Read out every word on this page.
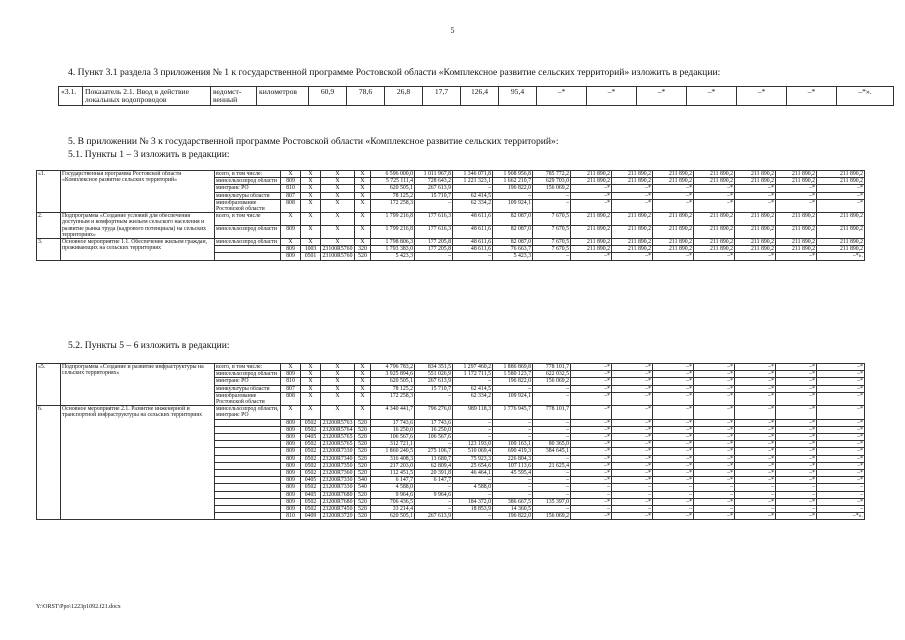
5
4. Пункт 3.1 раздела 3 приложения № 1 к государственной программе Ростовской области «Комплексное развитие сельских территорий» изложить в редакции:
«3.1.	Показатель 2.1. Ввод в действие локальных водопроводов	ведомст-венный	километров	60,9	78,6	26,8	17,7	126,4	95,4	–*	–*	–*	–*	–*	–*	–*».
5. В приложении № 3 к государственной программе Ростовской области «Комплексное развитие сельских территорий»:
5.1. Пункты 1 – 3 изложить в редакции:
«1.	Государственная программа Ростовской области «Комплексное развитие сельских территорий»	всего, в том числе:	X	X	X	X	6 596 000,0	1 011 967,8	1 346 071,8	1 908 956,8	785 772,2	211 890,2	211 890,2	211 890,2	211 890,2	211 890,2	211 890,2	211 890,2
		минсельхозпрод области	809	X	X	X	5 725 111,4	728 643,2	1 221 323,1	1 662 210,7	629 703,0	211 890,2	211 890,2	211 890,2	211 890,2	211 890,2	211 890,2	211 890,2
		минтранс РО	810	X	X	X	620 505,1	267 613,9	–	196 822,0	156 069,2	–*	–*	–*	–*	–*	–*	–*
		минкультуры области	807	X	X	X	78 125,2	15 710,7	62 414,5	–	–	–*	–*	–*	–*	–*	–*	–*
		минобразование Ростовской области	808	X	X	X	172 258,3	–	62 334,2	109 924,1	–	–*	–*	–*	–*	–*	–*	–*
2.	Подпрограмма «Создание условий для обеспечения доступным и комфортным жильем сельского населения и развитие рынка труда (кадрового потенциала) на сельских территориях»	всего, в том числе	X	X	X	X	1 799 216,8	177 616,3	48 611,6	82 087,0	7 670,5	211 890,2	211 890,2	211 890,2	211 890,2	211 890,2	211 890,2	211 890,2
		минсельхозпрод области	809	X	X	X	1 799 216,8	177 616,3	48 611,6	82 087,0	7 670,5	211 890,2	211 890,2	211 890,2	211 890,2	211 890,2	211 890,2	211 890,2
3.	Основное мероприятие 1.1. Обеспечение жильем граждан, проживающих на сельских территориях	минсельхозпрод области	X	X	X	X	1 798 806,3	177 205,8	48 611,6	82 087,0	7 670,5	211 890,2	211 890,2	211 890,2	211 890,2	211 890,2	211 890,2	211 890,2
			809	1003	23100R5760	320	1 793 383,0	177 205,8	48 611,6	76 663,7	7 670,5	211 890,2	211 890,2	211 890,2	211 890,2	211 890,2	211 890,2	211 890,2
			809	0501	23100R5760	520	5 423,3	–	–	5 423,3	–	–*	–*	–*	–*	–*	–*	–*».
5.2. Пункты 5 – 6 изложить в редакции:
«5.	Подпрограмма «Создание и развитие инфраструктуры на сельских территориях»	всего, в том числе:	X	X	X	X	4 796 783,2	834 351,5	1 297 460,2	1 886 869,8	778 101,7	–*	–*	–*	–*	–*	–*	–*
		минсельхозпрод области	809	X	X	X	3 925 894,6	551 026,9	1 172 711,5	1 580 123,7	622 032,5	–*	–*	–*	–*	–*	–*	–*
		минтранс РО	810	X	X	X	620 505,1	267 613,9	–	196 822,0	156 069,2	–*	–*	–*	–*	–*	–*	–*
		минкультуры области	807	X	X	X	78 125,2	15 710,7	62 414,5	–	–	–*	–*	–*	–*	–*	–*	–*
		минобразование Ростовской области	808	X	X	X	172 258,3	–	62 334,2	109 924,1	–	–*	–*	–*	–*	–*	–*	–*
6.	Основное мероприятие 2.1. Развитие инженерной и транспортной инфраструктуры на сельских территориях	минсельхозпрод области, минтранс РО	X	X	X	X	4 340 441,7	796 276,0	989 118,3	1 776 945,7	778 101,7	–*	–*	–*	–*	–*	–*	–*
			809	0502	23200R5763	520	17 743,6	17 743,6	–	–	–	–*	–*	–*	–*	–*	–*	–*
			809	0502	23200R5764	520	16 250,0	16 250,0	–	–	–	–*	–*	–*	–*	–*	–*	–*
			809	0405	23200R5765	520	106 567,6	106 567,6	–	–	–	–*	–*	–*	–*	–*	–*	–*
			809	0502	23200R5765	520	312 721,1	–	123 193,0	109 163,1	80 365,0	–*	–*	–*	–*	–*	–*	–*
			809	0502	23200R7330	520	1 860 240,5	275 106,7	510 069,4	690 419,3	384 645,1	–*	–*	–*	–*	–*	–*	–*
			809	0502	23200R7340	520	316 408,3	13 680,7	75 923,3	226 804,3	–	–*	–*	–*	–*	–*	–*	–*
			809	0502	23200R7350	520	217 203,0	62 809,4	25 654,6	107 113,6	21 625,4	–*	–*	–*	–*	–*	–*	–*
			809	0502	23200R7360	520	112 451,5	20 391,8	46 464,1	45 595,4	–	–*	–*	–*	–*	–*	–*	–*
			809	0405	23200R7330	540	6 147,7	6 147,7	–	–	–	–*	–*	–*	–*	–*	–*	–*
			809	0502	23200R7330	540	4 588,0	–	4 588,0	–	–	–	–	–	–	–	–	–
			809	0405	23200R7680	520	9 964,6	9 964,6	–	–	–	–	–	–	–	–	–	–
			809	0502	23200R7680	520	706 436,5	–	184 372,0	386 667,5	135 397,0	–*	–*	–*	–*	–*	–*	–*
			809	0502	23200R7450	520	33 214,4	–	18 853,9	14 360,5	–	–	–	–	–	–	–	–
			810	0409	23200R3720	520	620 505,1	267 613,9	–	196 822,0	156 069,2	–*	–*	–*	–*	–*	–*	–*».
Y:\ORST\Ppo\1223p1092.f21.docx
